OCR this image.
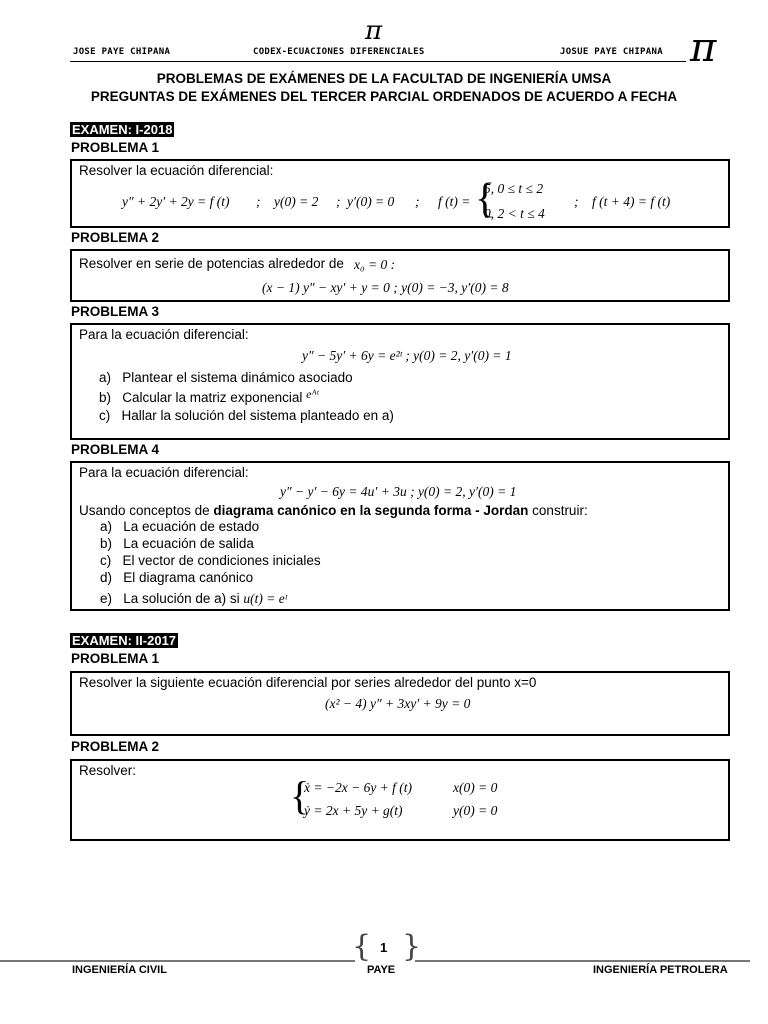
π
JOSE PAYE CHIPANA	CODEX-ECUACIONES DIFERENCIALES	JOSUE PAYE CHIPANA π
PROBLEMAS DE EXÁMENES DE LA FACULTAD DE INGENIERÍA UMSA
PREGUNTAS DE EXÁMENES DEL TERCER PARCIAL ORDENADOS DE ACUERDO A FECHA
EXAMEN: I-2018
PROBLEMA 1
Resolver la ecuación diferencial:
y″ + 2y′ + 2y = f (t) ; y(0) = 2 ; y′(0) = 0 ; f (t) = {
5, 0 ≤ t ≤ 2
0, 2 < t ≤ 4
; f (t + 4) = f (t)
PROBLEMA 2
Resolver en serie de potencias alrededor de x₀ = 0 :
(x − 1) y″ − xy′ + y = 0 ; y(0) = −3, y′(0) = 8
PROBLEMA 3
Para la ecuación diferencial:
y″ − 5y′ + 6y = e²ᵗ ; y(0) = 2, y′(0) = 1
a) Plantear el sistema dinámico asociado
b) Calcular la matriz exponencial eᴬᵗ
c) Hallar la solución del sistema planteado en a)
PROBLEMA 4
Para la ecuación diferencial:
y″ − y′ − 6y = 4u′ + 3u ; y(0) = 2, y′(0) = 1
Usando conceptos de diagrama canónico en la segunda forma - Jordan construir:
a) La ecuación de estado
b) La ecuación de salida
c) El vector de condiciones iniciales
d) El diagrama canónico
e) La solución de a) si u(t) = eᵗ
EXAMEN: II-2017
PROBLEMA 1
Resolver la siguiente ecuación diferencial por series alrededor del punto x=0
(x² − 4) y″ + 3xy′ + 9y = 0
PROBLEMA 2
Resolver:
{
ẋ = −2x − 6y + f (t)	x(0) = 0
ẏ = 2x + 5y + g(t)	y(0) = 0
{ }
1
INGENIERÍA CIVIL	PAYE	INGENIERÍA PETROLERA
